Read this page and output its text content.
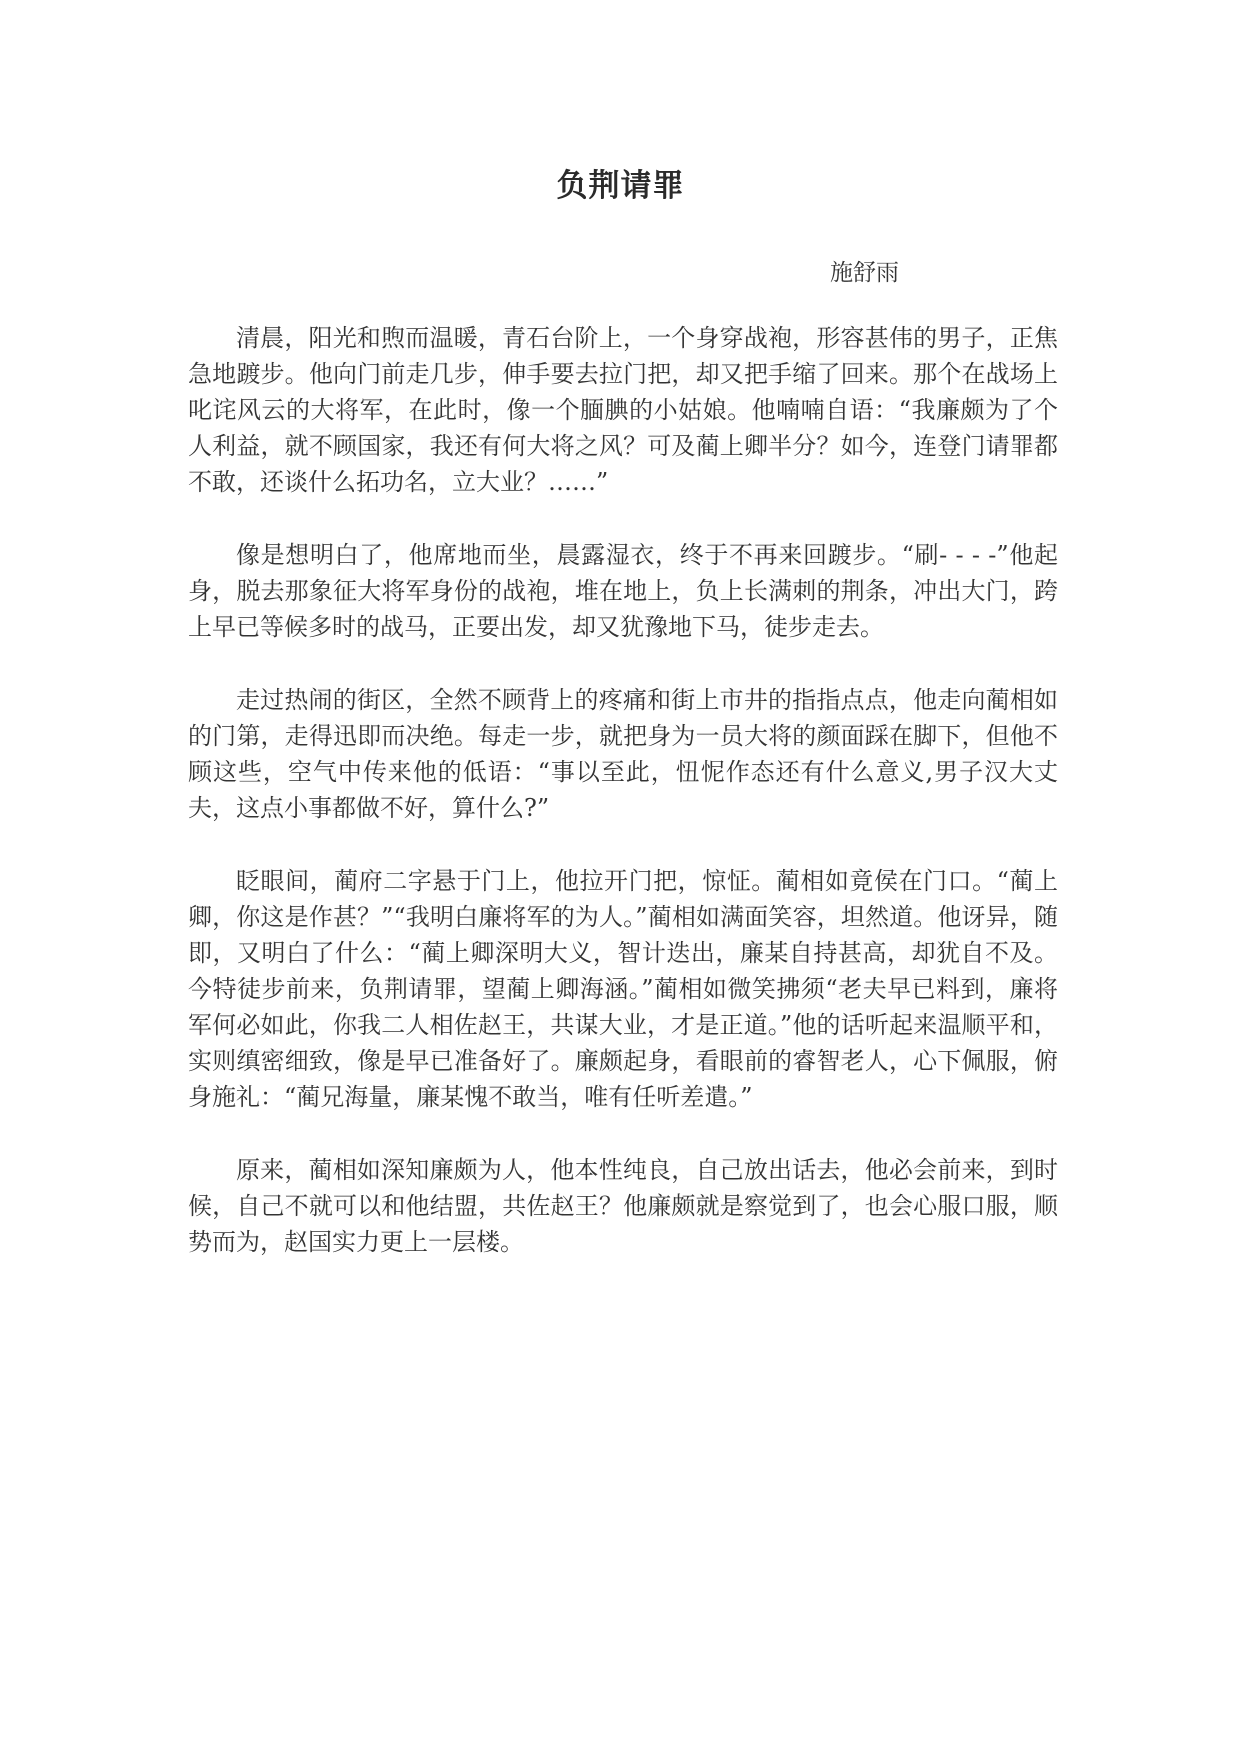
负荆请罪
施舒雨

清晨，阳光和煦而温暖，青石台阶上，一个身穿战袍，形容甚伟的男子，正焦急地踱步。他向门前走几步，伸手要去拉门把，却又把手缩了回来。那个在战场上叱诧风云的大将军，在此时，像一个腼腆的小姑娘。他喃喃自语：“我廉颇为了个人利益，就不顾国家，我还有何大将之风？可及蔺上卿半分？如今，连登门请罪都不敢，还谈什么拓功名，立大业？……”

像是想明白了，他席地而坐，晨露湿衣，终于不再来回踱步。“刷- - - -”他起身，脱去那象征大将军身份的战袍，堆在地上，负上长满刺的荆条，冲出大门，跨上早已等候多时的战马，正要出发，却又犹豫地下马，徒步走去。

走过热闹的街区，全然不顾背上的疼痛和街上市井的指指点点，他走向蔺相如的门第，走得迅即而决绝。每走一步，就把身为一员大将的颜面踩在脚下，但他不顾这些，空气中传来他的低语：“事以至此，忸怩作态还有什么意义,男子汉大丈夫，这点小事都做不好，算什么?”

眨眼间，蔺府二字悬于门上，他拉开门把，惊怔。蔺相如竟侯在门口。“蔺上卿，你这是作甚？”“我明白廉将军的为人。”蔺相如满面笑容，坦然道。他讶异，随即，又明白了什么：“蔺上卿深明大义，智计迭出，廉某自持甚高，却犹自不及。今特徒步前来，负荆请罪，望蔺上卿海涵。”蔺相如微笑拂须“老夫早已料到，廉将军何必如此，你我二人相佐赵王，共谋大业，才是正道。”他的话听起来温顺平和，实则缜密细致，像是早已准备好了。廉颇起身，看眼前的睿智老人，心下佩服，俯身施礼：“蔺兄海量，廉某愧不敢当，唯有任听差遣。”

原来，蔺相如深知廉颇为人，他本性纯良，自己放出话去，他必会前来，到时候，自己不就可以和他结盟，共佐赵王？他廉颇就是察觉到了，也会心服口服，顺势而为，赵国实力更上一层楼。
